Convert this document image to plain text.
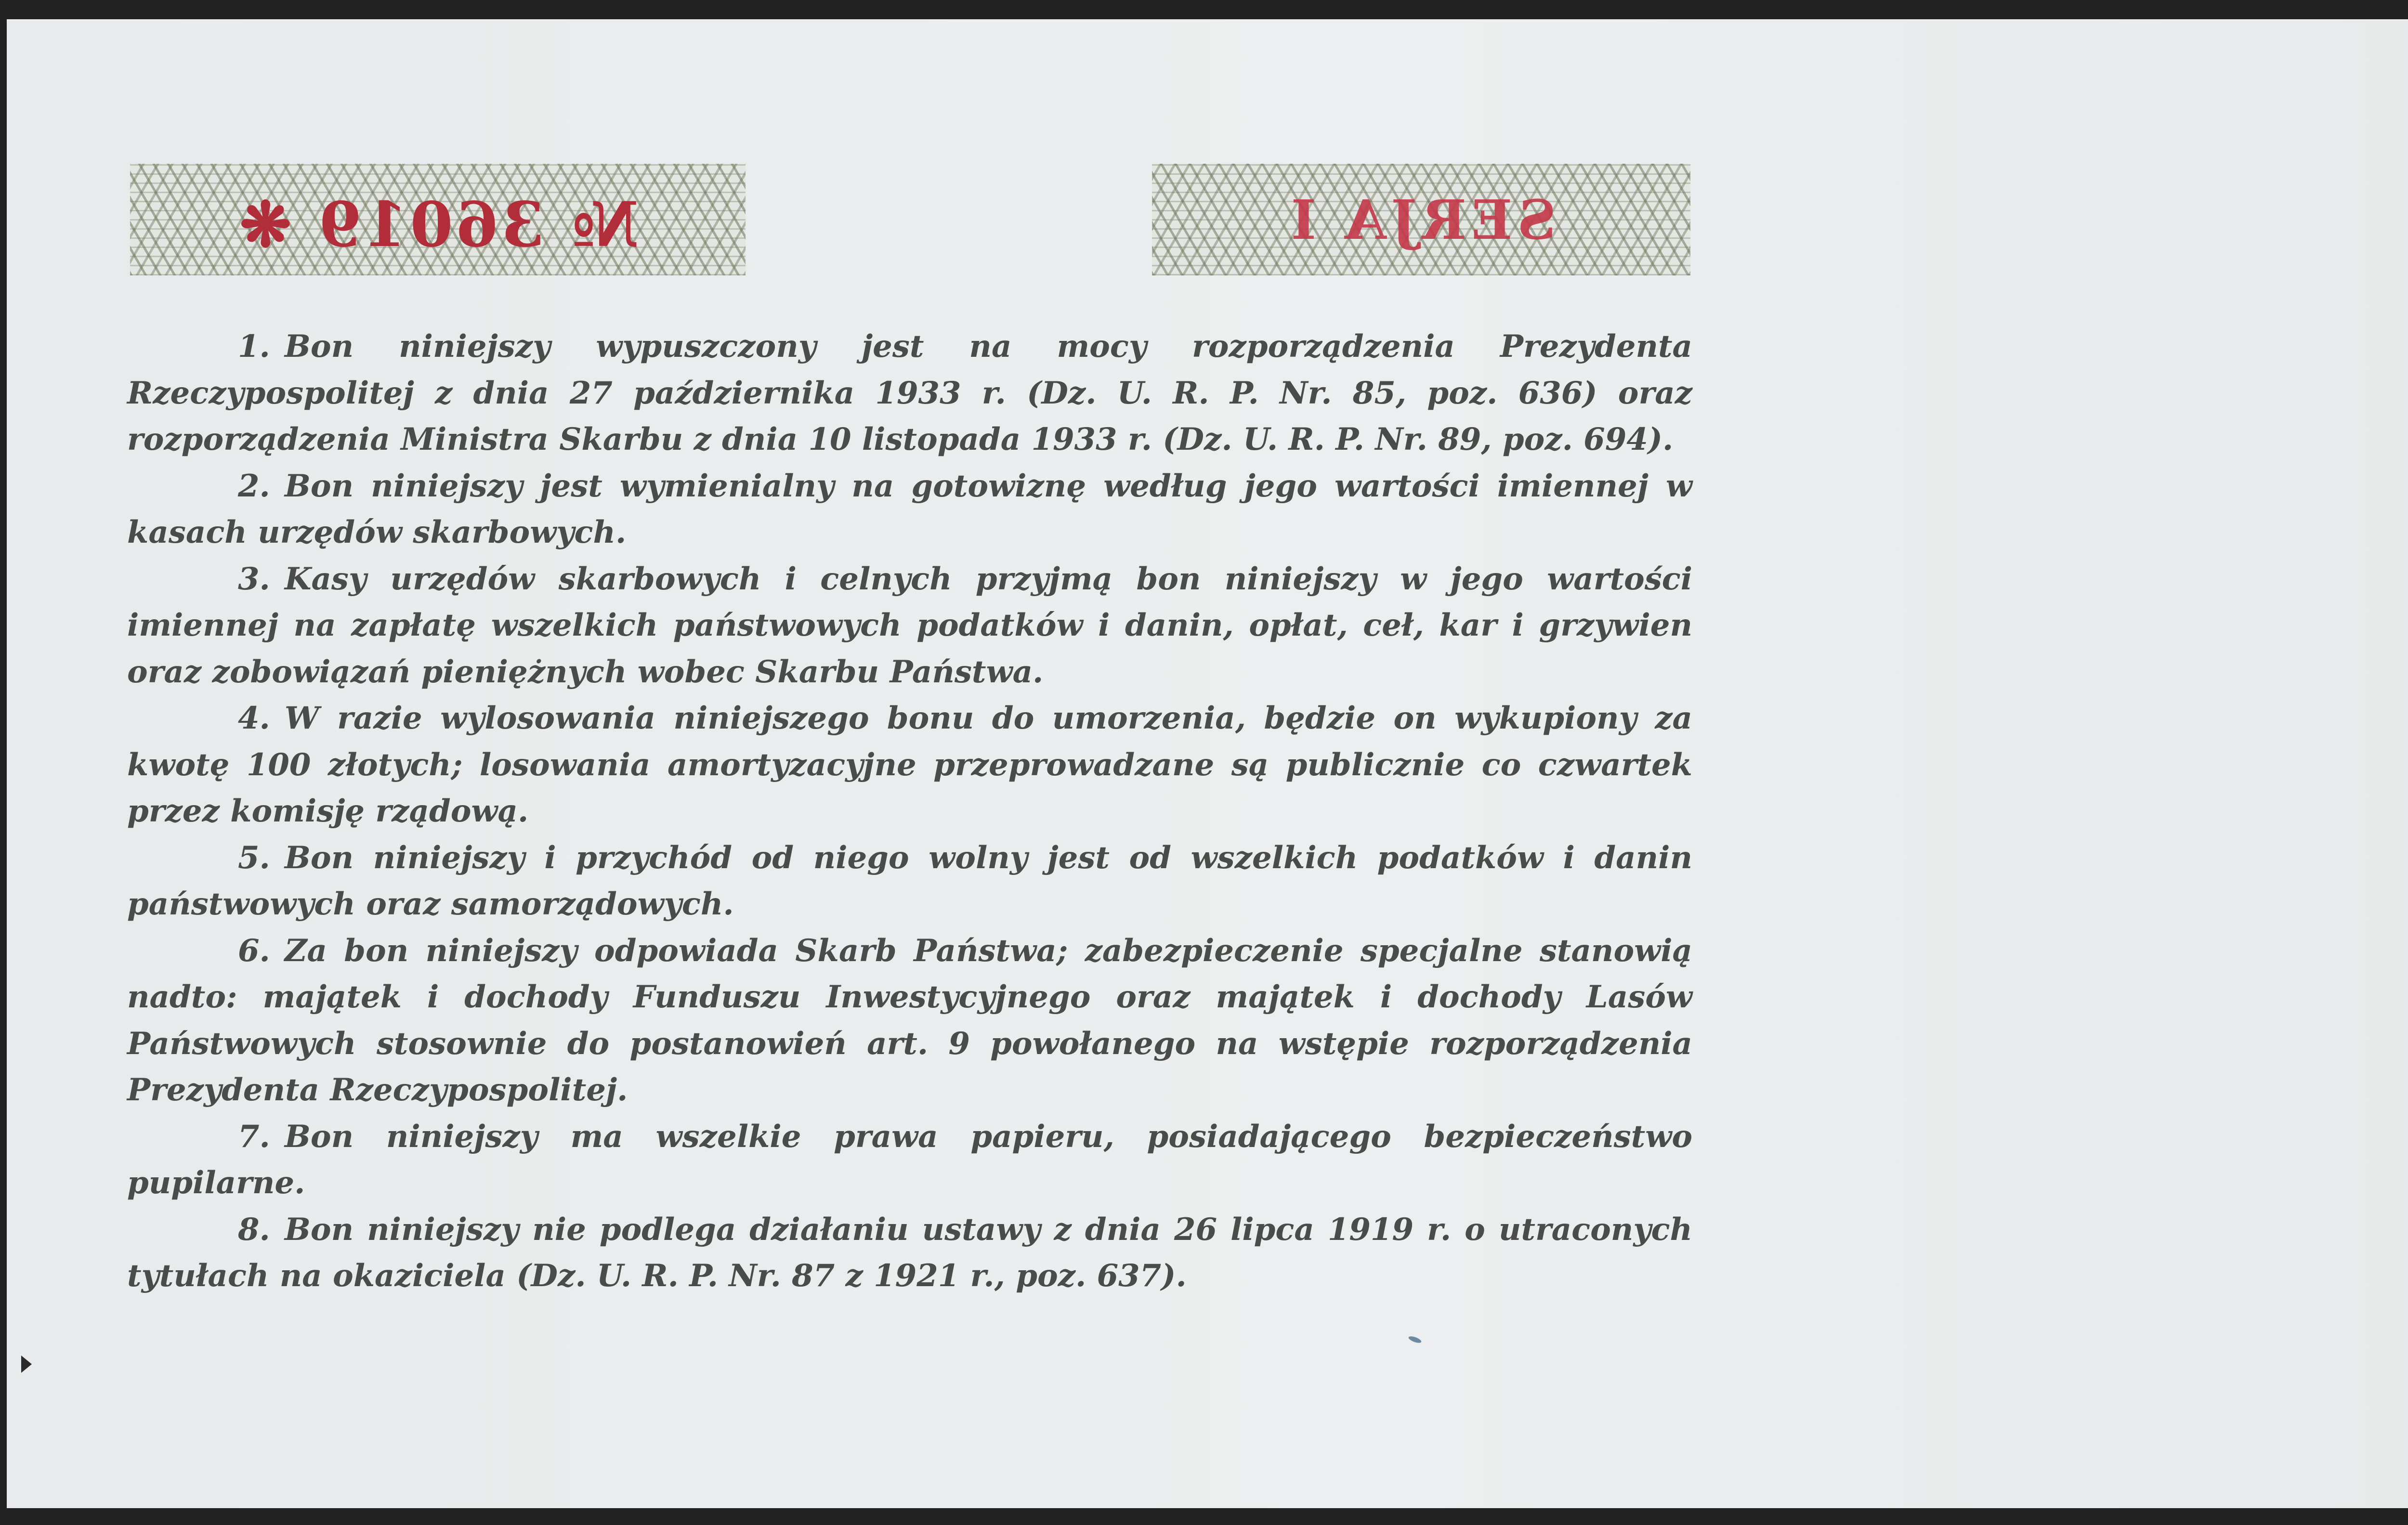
№ 36019 ❋	SERJA I

1. Bon niniejszy wypuszczony jest na mocy rozporządzenia Prezydenta Rzeczypospolitej z dnia 27 października 1933 r. (Dz. U. R. P. Nr. 85, poz. 636) oraz rozporządzenia Ministra Skarbu z dnia 10 listopada 1933 r. (Dz. U. R. P. Nr. 89, poz. 694).

2. Bon niniejszy jest wymienialny na gotowiznę według jego wartości imiennej w kasach urzędów skarbowych.

3. Kasy urzędów skarbowych i celnych przyjmą bon niniejszy w jego wartości imiennej na zapłatę wszelkich państwowych podatków i danin, opłat, ceł, kar i grzywien oraz zobowiązań pieniężnych wobec Skarbu Państwa.

4. W razie wylosowania niniejszego bonu do umorzenia, będzie on wykupiony za kwotę 100 złotych; losowania amortyzacyjne przeprowadzane są publicznie co czwartek przez komisję rządową.

5. Bon niniejszy i przychód od niego wolny jest od wszelkich podatków i danin państwowych oraz samorządowych.

6. Za bon niniejszy odpowiada Skarb Państwa; zabezpieczenie specjalne stanowią nadto: majątek i dochody Funduszu Inwestycyjnego oraz majątek i dochody Lasów Państwowych stosownie do postanowień art. 9 powołanego na wstępie rozporządzenia Prezydenta Rzeczypospolitej.

7. Bon niniejszy ma wszelkie prawa papieru, posiadającego bezpieczeństwo pupilarne.

8. Bon niniejszy nie podlega działaniu ustawy z dnia 26 lipca 1919 r. o utraconych tytułach na okaziciela (Dz. U. R. P. Nr. 87 z 1921 r., poz. 637).
